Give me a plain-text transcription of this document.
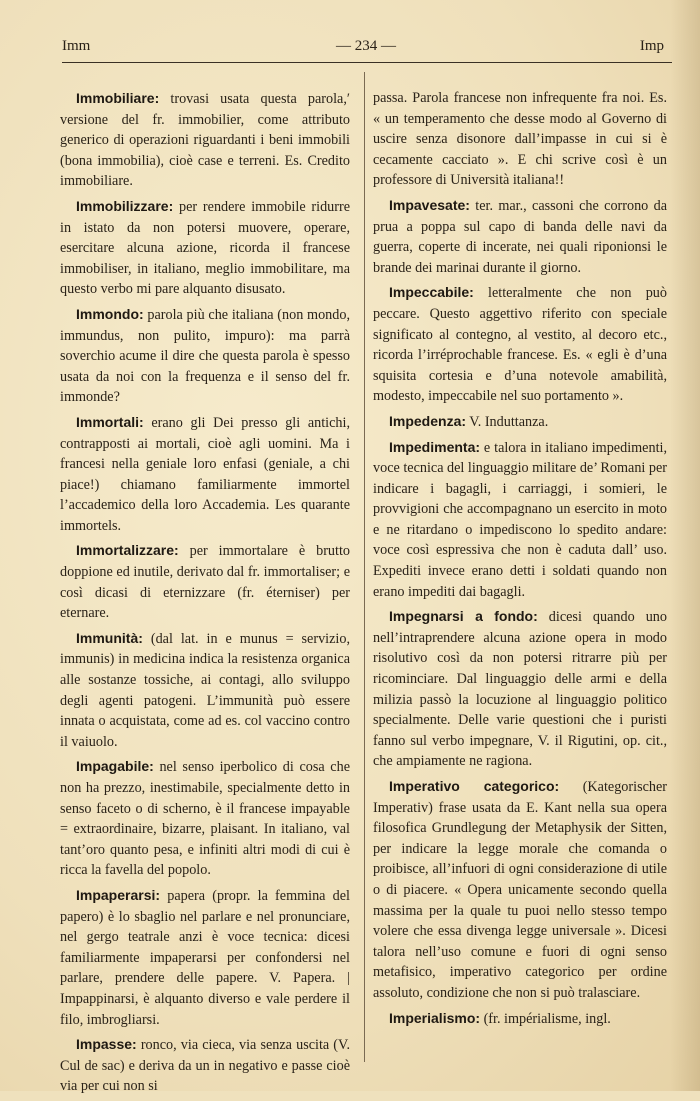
Imm	— 234 —	Imp

Immobiliare: trovasi usata questa parola,ʹ versione del fr. immobilier, come attributo generico di operazioni riguardanti i beni immobili (bona immobilia), cioè case e terreni. Es. Credito immobiliare.

Immobilizzare: per rendere immobile ridurre in istato da non potersi muovere, operare, esercitare alcuna azione, ricorda il francese immobiliser, in italiano, meglio immobilitare, ma questo verbo mi pare alquanto disusato.

Immondo: parola più che italiana (non mondo, immundus, non pulito, impuro): ma parrà soverchio acume il dire che questa parola è spesso usata da noi con la frequenza e il senso del fr. immonde?

Immortali: erano gli Dei presso gli antichi, contrapposti ai mortali, cioè agli uomini. Ma i francesi nella geniale loro enfasi (geniale, a chi piace!) chiamano familiarmente immortel l’accademico della loro Accademia. Les quarante immortels.

Immortalizzare: per immortalare è brutto doppione ed inutile, derivato dal fr. immortaliser; e così dicasi di eternizzare (fr. éterniser) per eternare.

Immunità: (dal lat. in e munus = servizio, immunis) in medicina indica la resistenza organica alle sostanze tossiche, ai contagi, allo sviluppo degli agenti patogeni. L’immunità può essere innata o acquistata, come ad es. col vaccino contro il vaiuolo.

Impagabile: nel senso iperbolico di cosa che non ha prezzo, inestimabile, specialmente detto in senso faceto o di scherno, è il francese impayable = extraordinaire, bizarre, plaisant. In italiano, val tant’oro quanto pesa, e infiniti altri modi di cui è ricca la favella del popolo.

Impaperarsi: papera (propr. la femmina del papero) è lo sbaglio nel parlare e nel pronunciare, nel gergo teatrale anzi è voce tecnica: dicesi familiarmente impaperarsi per confondersi nel parlare, prendere delle papere. V. Papera. | Impappinarsi, è alquanto diverso e vale perdere il filo, imbrogliarsi.

Impasse: ronco, via cieca, via senza uscita (V. Cul de sac) e deriva da un in negativo e passe cioè via per cui non si

passa. Parola francese non infrequente fra noi. Es. « un temperamento che desse modo al Governo di uscire senza disonore dall’impasse in cui si è cecamente cacciato ». E chi scrive così è un professore di Università italiana!!

Impavesate: ter. mar., cassoni che corrono da prua a poppa sul capo di banda delle navi da guerra, coperte di incerate, nei quali riponionsi le brande dei marinai durante il giorno.

Impeccabile: letteralmente che non può peccare. Questo aggettivo riferito con speciale significato al contegno, al vestito, al decoro etc., ricorda l’irréprochable francese. Es. « egli è d’una squisita cortesia e d’una notevole amabilità, modesto, impeccabile nel suo portamento ».

Impedenza: V. Induttanza.

Impedimenta: e talora in italiano impedimenti, voce tecnica del linguaggio militare de’ Romani per indicare i bagagli, i carriaggi, i somieri, le provvigioni che accompagnano un esercito in moto e ne ritardano o impediscono lo spedito andare: voce così espressiva che non è caduta dall’ uso. Expediti invece erano detti i soldati quando non erano impediti dai bagagli.

Impegnarsi a fondo: dicesi quando uno nell’intraprendere alcuna azione opera in modo risolutivo così da non potersi ritrarre più per ricominciare. Dal linguaggio delle armi e della milizia passò la locuzione al linguaggio politico specialmente. Delle varie questioni che i puristi fanno sul verbo impegnare, V. il Rigutini, op. cit., che ampiamente ne ragiona.

Imperativo categorico: (Kategorischer Imperativ) frase usata da E. Kant nella sua opera filosofica Grundlegung der Metaphysik der Sitten, per indicare la legge morale che comanda o proibisce, all’infuori di ogni considerazione di utile o di piacere. « Opera unicamente secondo quella massima per la quale tu puoi nello stesso tempo volere che essa divenga legge universale ». Dicesi talora nell’uso comune e fuori di ogni senso metafisico, imperativo categorico per ordine assoluto, condizione che non si può tralasciare.

Imperialismo: (fr. impérialisme, ingl.
